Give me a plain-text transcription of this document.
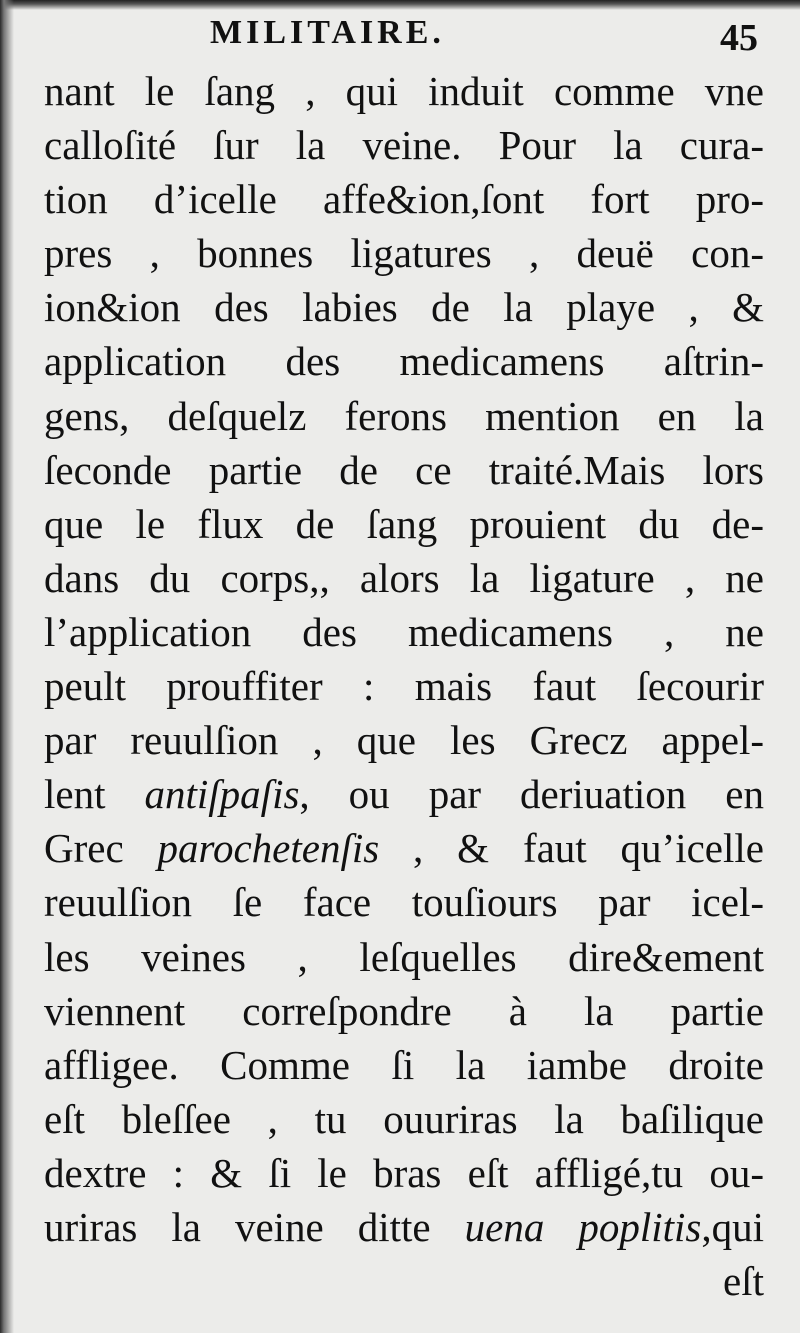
MILITAIRE.	45
nant le ſang , qui induit comme vne
calloſité ſur la veine. Pour la cura-
tion d’icelle affe&ion,ſont fort pro-
pres , bonnes ligatures , deuë con-
ion&ion des labies de la playe , &
application des medicamens aſtrin-
gens, deſquelz ferons mention en la
ſeconde partie de ce traité.Mais lors
que le flux de ſang prouient du de-
dans du corps,, alors la ligature , ne
l’application des medicamens , ne
peult prouffiter : mais faut ſecourir
par reuulſion , que les Grecz appel-
lent antiſpaſis, ou par deriuation en
Grec parochetenſis , & faut qu’icelle
reuulſion ſe face touſiours par icel-
les veines , leſquelles dire&ement
viennent correſpondre à la partie
affligee. Comme ſi la iambe droite
eſt bleſſee , tu ouuriras la baſilique
dextre : & ſi le bras eſt affligé,tu ou-
uriras la veine ditte uena poplitis,qui
eſt
